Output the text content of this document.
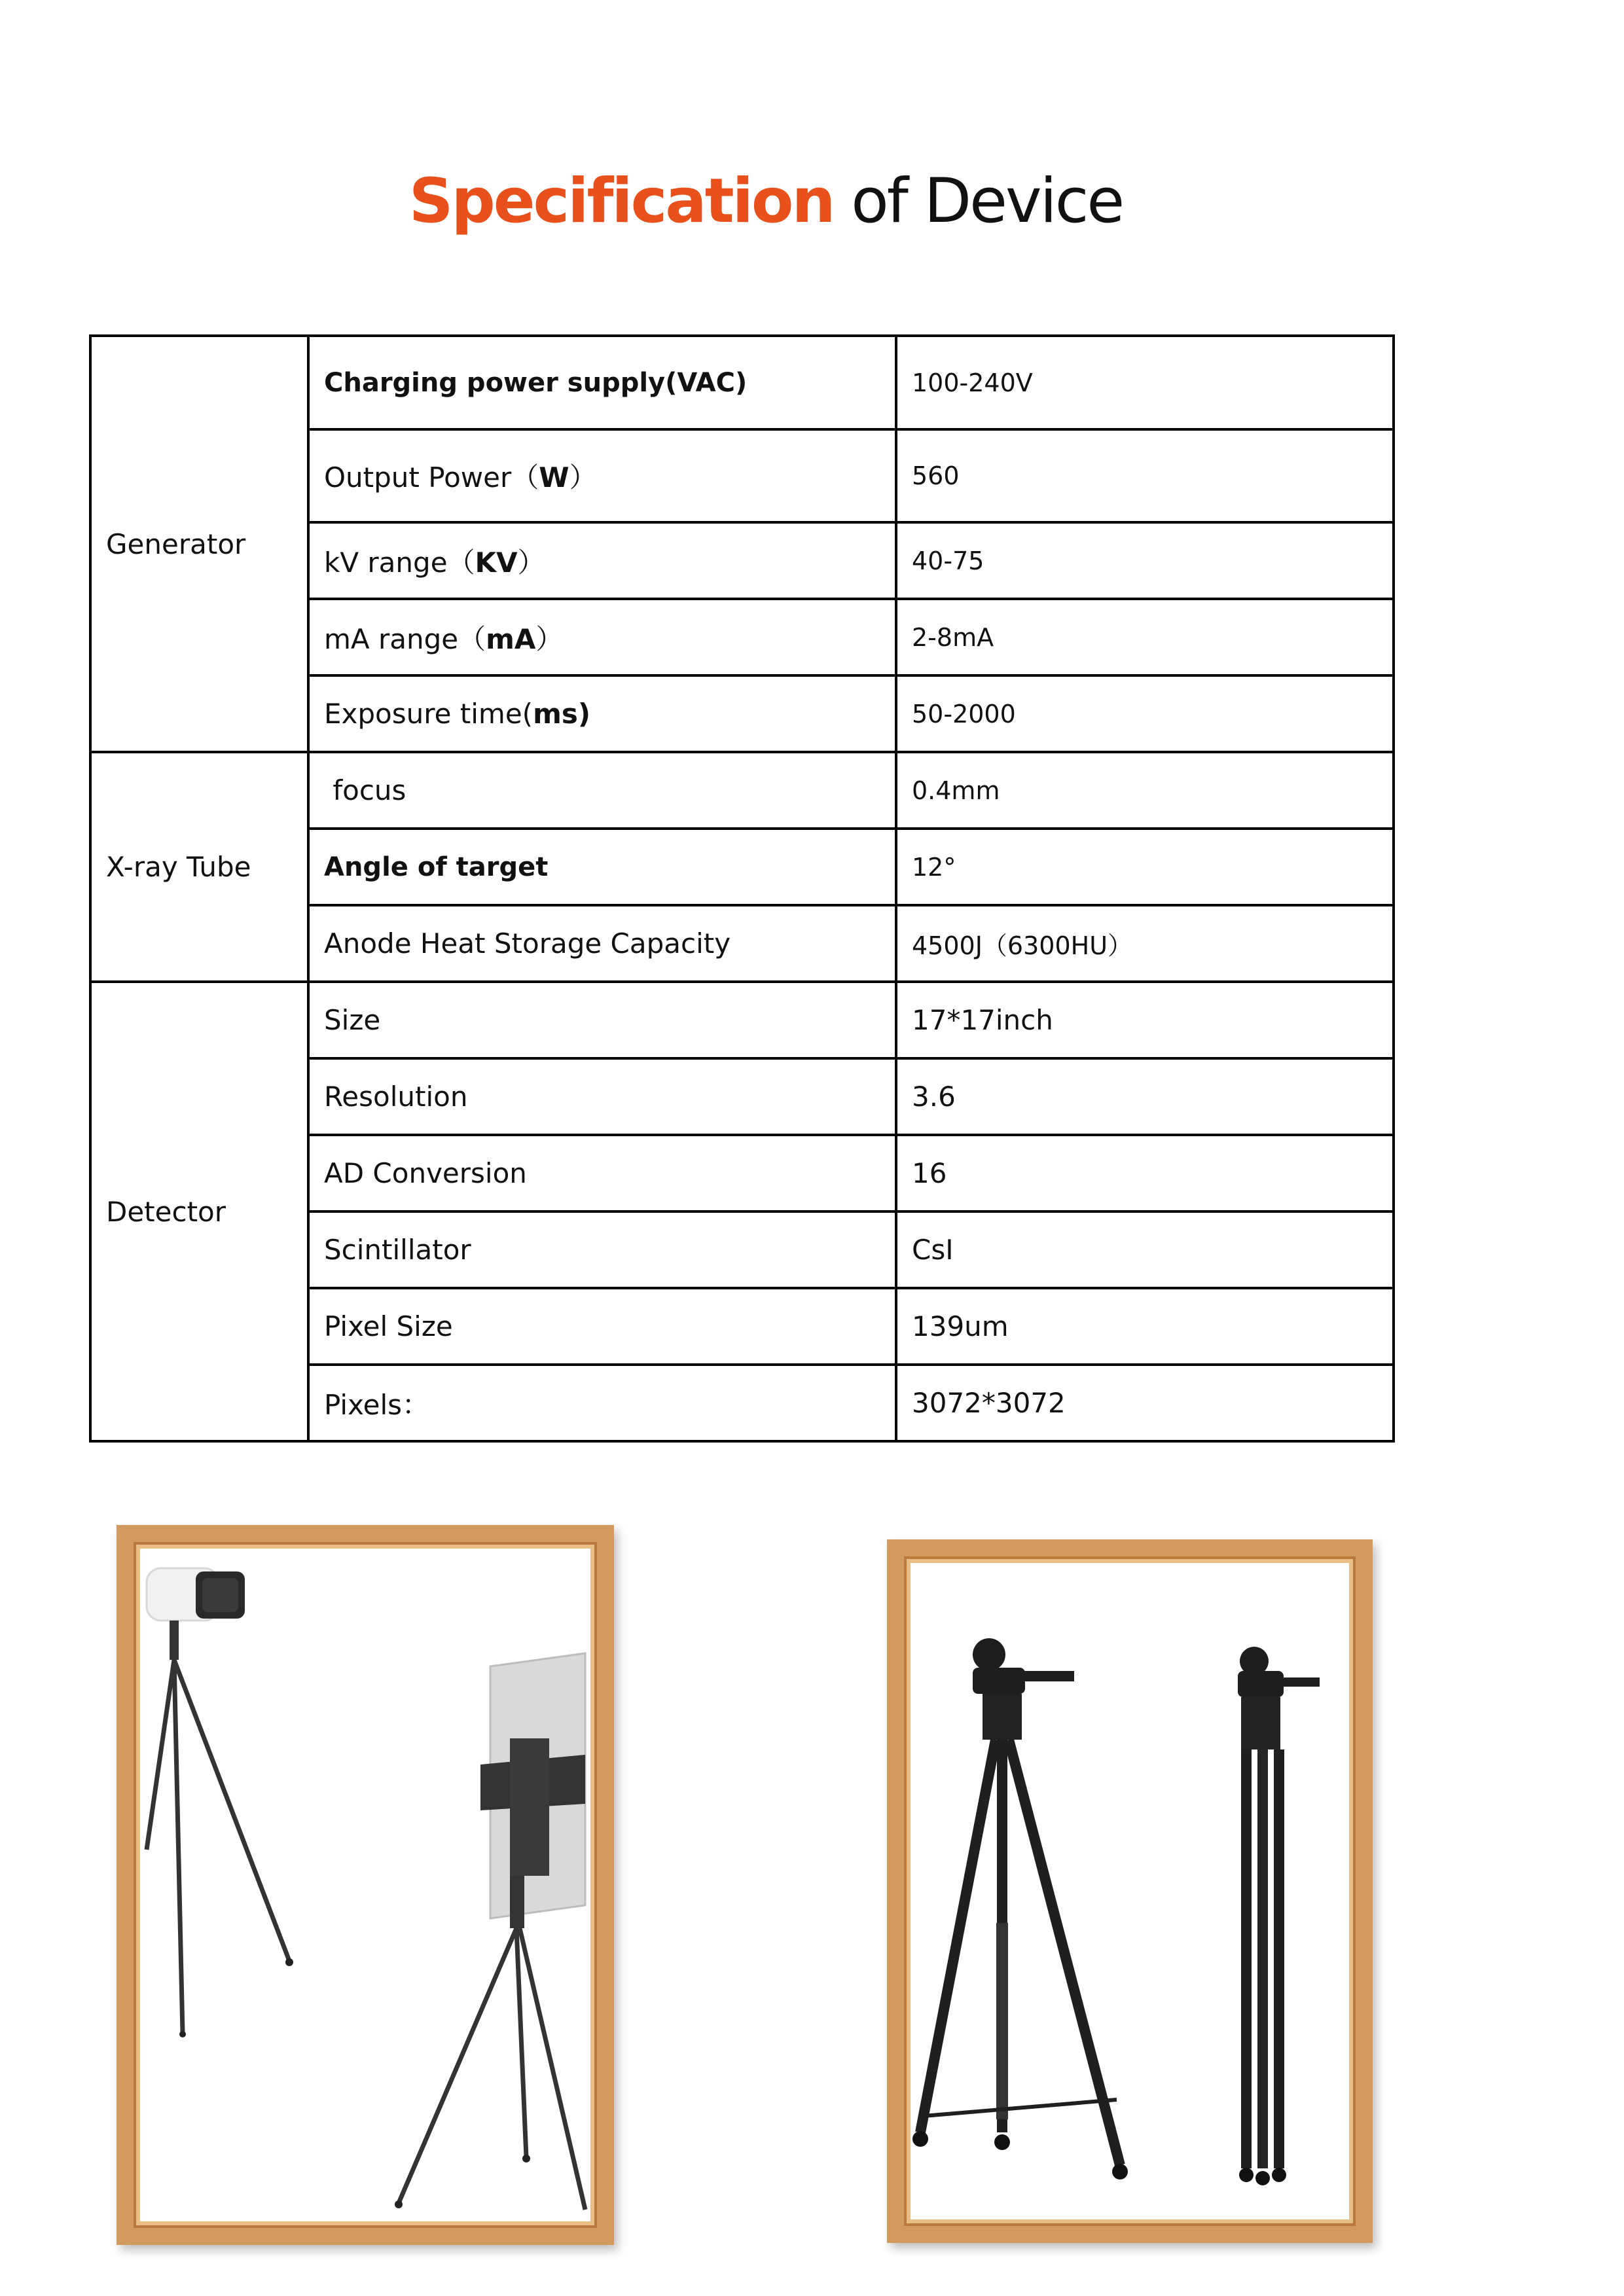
Specification of Device
Generator	Charging power supply(VAC)	100-240V
	Output Power（W）	560
	kV range（KV）	40-75
	mA range（mA）	2-8mA
	Exposure time(ms)	50-2000
X-ray Tube	focus	0.4mm
	Angle of target	12°
	Anode Heat Storage Capacity	4500J（6300HU）
Detector	Size	17*17inch
	Resolution	3.6
	AD Conversion	16
	Scintillator	CsI
	Pixel Size	139um
	Pixels：	3072*3072
